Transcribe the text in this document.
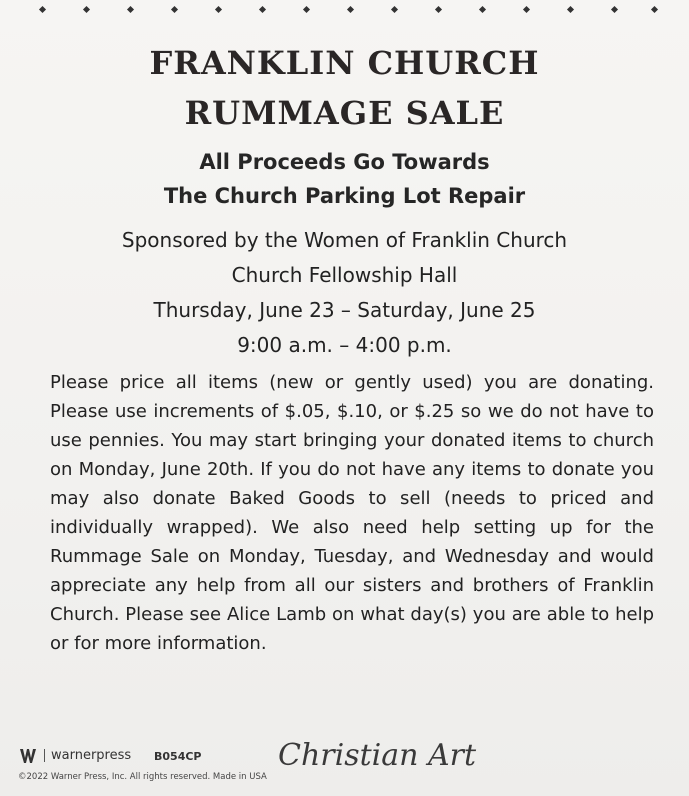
FRANKLIN CHURCH
RUMMAGE SALE
All Proceeds Go Towards
The Church Parking Lot Repair
Sponsored by the Women of Franklin Church
Church Fellowship Hall
Thursday, June 23 – Saturday, June 25
9:00 a.m. – 4:00 p.m.
Please price all items (new or gently used) you are donating. Please use increments of $.05, $.10, or $.25 so we do not have to use pennies. You may start bringing your donated items to church on Monday, June 20th. If you do not have any items to donate you may also donate Baked Goods to sell (needs to priced and individually wrapped). We also need help setting up for the Rummage Sale on Monday, Tuesday, and Wednesday and would appreciate any help from all our sisters and brothers of Franklin Church. Please see Alice Lamb on what day(s) you are able to help or for more information.
warnerpress B054CP
©2022 Warner Press, Inc. All rights reserved. Made in USA
Christian Art
